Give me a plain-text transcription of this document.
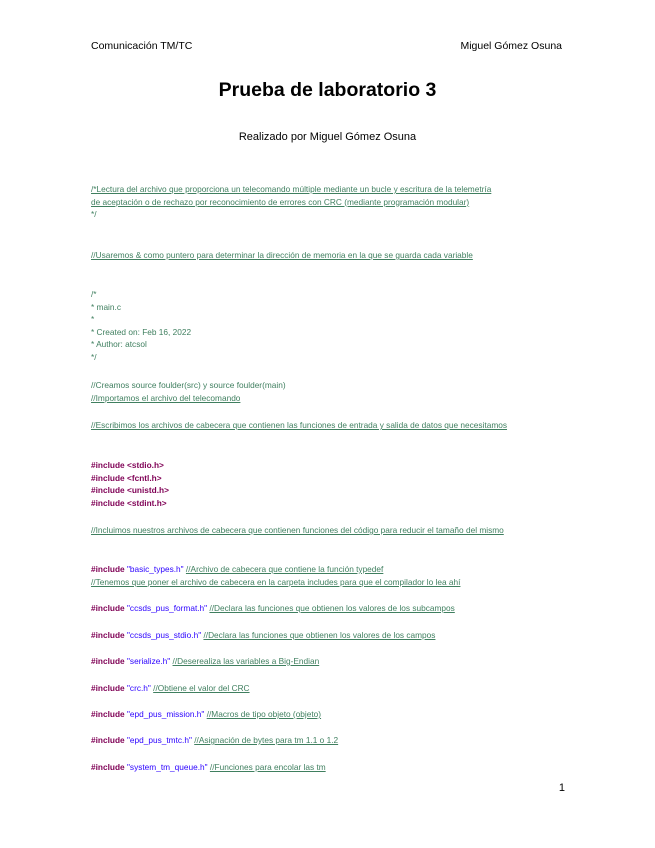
Comunicación TM/TC	Miguel Gómez Osuna
Prueba de laboratorio 3
Realizado por Miguel Gómez Osuna
/*Lectura del archivo que proporciona un telecomando múltiple mediante un bucle y escritura de la telemetría
de aceptación o de rechazo por reconocimiento de errores con CRC (mediante programación modular)
*/
//Usaremos & como puntero para determinar la dirección de memoria en la que se guarda cada variable
/*
* main.c
*
* Created on: Feb 16, 2022
* Author: atcsol
*/
//Creamos source foulder(src) y source foulder(main)
//Importamos el archivo del telecomando
//Escribimos los archivos de cabecera que contienen las funciones de entrada y salida de datos que necesitamos
#include <stdio.h>
#include <fcntl.h>
#include <unistd.h>
#include <stdint.h>
//Incluimos nuestros archivos de cabecera que contienen funciones del código para reducir el tamaño del mismo
#include "basic_types.h" //Archivo de cabecera que contiene la función typedef
//Tenemos que poner el archivo de cabecera en la carpeta includes para que el compilador lo lea ahí
#include "ccsds_pus_format.h" //Declara las funciones que obtienen los valores de los subcampos
#include "ccsds_pus_stdio.h" //Declara las funciones que obtienen los valores de los campos
#include "serialize.h" //Deserealiza las variables a Big-Endian
#include "crc.h" //Obtiene el valor del CRC
#include "epd_pus_mission.h" //Macros de tipo objeto (objeto)
#include "epd_pus_tmtc.h" //Asignación de bytes para tm 1.1 o 1.2
#include "system_tm_queue.h" //Funciones para encolar las tm
1
